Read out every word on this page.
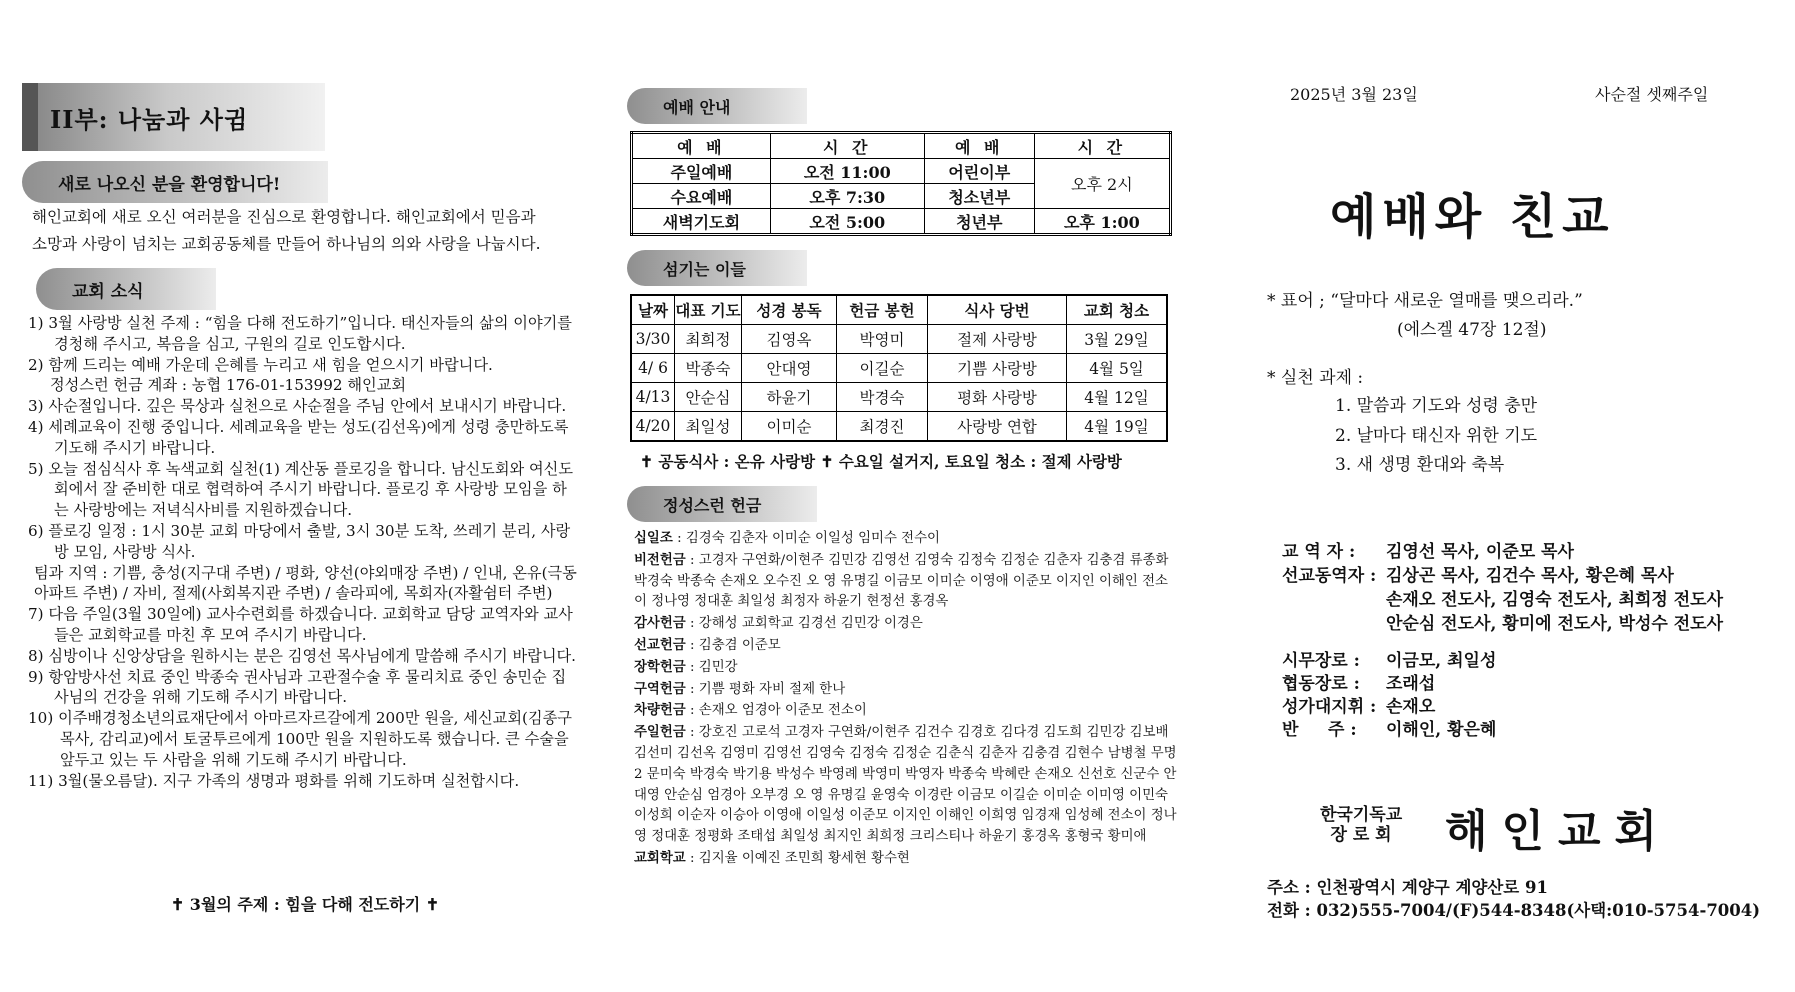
II부: 나눔과 사귐
새로 나오신 분을 환영합니다!
해인교회에 새로 오신 여러분을 진심으로 환영합니다. 해인교회에서 믿음과
소망과 사랑이 넘치는 교회공동체를 만들어 하나님의 의와 사랑을 나눕시다.
교회 소식
1) 3월 사랑방 실천 주제 : “힘을 다해 전도하기”입니다. 태신자들의 삶의 이야기를 경청해 주시고, 복음을 심고, 구원의 길로 인도합시다.
2) 함께 드리는 예배 가운데 은혜를 누리고 새 힘을 얻으시기 바랍니다.
정성스런 헌금 계좌 : 농협 176-01-153992 해인교회
3) 사순절입니다. 깊은 묵상과 실천으로 사순절을 주님 안에서 보내시기 바랍니다.
4) 세례교육이 진행 중입니다. 세례교육을 받는 성도(김선옥)에게 성령 충만하도록 기도해 주시기 바랍니다.
5) 오늘 점심식사 후 녹색교회 실천(1) 계산동 플로깅을 합니다. 남신도회와 여신도회에서 잘 준비한 대로 협력하여 주시기 바랍니다. 플로깅 후 사랑방 모임을 하는 사랑방에는 저녁식사비를 지원하겠습니다.
6) 플로깅 일정 : 1시 30분 교회 마당에서 출발, 3시 30분 도착, 쓰레기 분리, 사랑방 모임, 사랑방 식사.
팀과 지역 : 기쁨, 충성(지구대 주변) / 평화, 양선(야외매장 주변) / 인내, 온유(극동아파트 주변) / 자비, 절제(사회복지관 주변) / 솔라피에, 목회자(자활쉼터 주변)
7) 다음 주일(3월 30일에) 교사수련회를 하겠습니다. 교회학교 담당 교역자와 교사들은 교회학교를 마친 후 모여 주시기 바랍니다.
8) 심방이나 신앙상담을 원하시는 분은 김영선 목사님에게 말씀해 주시기 바랍니다.
9) 항암방사선 치료 중인 박종숙 권사님과 고관절수술 후 물리치료 중인 송민순 집사님의 건강을 위해 기도해 주시기 바랍니다.
10) 이주배경청소년의료재단에서 아마르자르갈에게 200만 원을, 세신교회(김종구 목사, 감리교)에서 토굴투르에게 100만 원을 지원하도록 했습니다. 큰 수술을 앞두고 있는 두 사람을 위해 기도해 주시기 바랍니다.
11) 3월(물오름달). 지구 가족의 생명과 평화를 위해 기도하며 실천합시다.
✝ 3월의 주제 : 힘을 다해 전도하기 ✝
예배 안내
예 배	시 간	예 배	시 간
주일예배	오전 11:00	어린이부	오후 2시
수요예배	오후 7:30	청소년부	
새벽기도회	오전 5:00	청년부	오후 1:00
섬기는 이들
날짜	대표 기도	성경 봉독	헌금 봉헌	식사 당번	교회 청소
3/30	최희정	김영옥	박영미	절제 사랑방	3월 29일
4/ 6	박종숙	안대영	이길순	기쁨 사랑방	4월 5일
4/13	안순심	하윤기	박경숙	평화 사랑방	4월 12일
4/20	최일성	이미순	최경진	사랑방 연합	4월 19일
✝ 공동식사 : 온유 사랑방 ✝ 수요일 설거지, 토요일 청소 : 절제 사랑방
정성스런 헌금
십일조 : 김경숙 김춘자 이미순 이일성 임미수 전수이
비전헌금 : 고경자 구연화/이현주 김민강 김영선 김영숙 김정숙 김정순 김춘자 김충겸 류종화 박경숙 박종숙 손재오 오수진 오 영 유명길 이금모 이미순 이영애 이준모 이지인 이해인 전소이 정나영 정대훈 최일성 최정자 하윤기 현정선 홍경옥
감사헌금 : 강해성 교회학교 김경선 김민강 이경은
선교헌금 : 김충겸 이준모
장학헌금 : 김민강
구역헌금 : 기쁨 평화 자비 절제 한나
차량헌금 : 손재오 엄경아 이준모 전소이
주일헌금 : 강호진 고로석 고경자 구연화/이현주 김건수 김경호 김다경 김도희 김민강 김보배 김선미 김선옥 김영미 김영선 김영숙 김정숙 김정순 김춘식 김춘자 김충겸 김현수 남병철 무명2 문미숙 박경숙 박기용 박성수 박영례 박영미 박영자 박종숙 박혜란 손재오 신선호 신군수 안대영 안순심 엄경아 오부경 오 영 유명길 윤영숙 이경란 이금모 이길순 이미순 이미영 이민숙 이성희 이순자 이승아 이영애 이일성 이준모 이지인 이해인 이희영 임경재 임성혜 전소이 정나영 정대훈 정평화 조태섭 최일성 최지인 최희정 크리스티나 하윤기 홍경옥 홍형국 황미애
교회학교 : 김지율 이예진 조민희 황세현 황수현
2025년 3월 23일	사순절 셋째주일
예배와 친교
* 표어 ; “달마다 새로운 열매를 맺으리라.”
(에스겔 47장 12절)
* 실천 과제 :
1. 말씀과 기도와 성령 충만
2. 날마다 태신자 위한 기도
3. 새 생명 환대와 축복
교 역 자 :	김영선 목사, 이준모 목사
선교동역자 : 김상곤 목사, 김건수 목사, 황은혜 목사
손재오 전도사, 김영숙 전도사, 최희정 전도사
안순심 전도사, 황미에 전도사, 박성수 전도사
시무장로 :	이금모, 최일성
협동장로 :	조래섭
성가대지휘 : 손재오
반     주 :	이해인, 황은혜
한국기독교
장 로 회 해인교회
주소 : 인천광역시 계양구 계양산로 91
전화 : 032)555-7004/(F)544-8348(사택:010-5754-7004)
